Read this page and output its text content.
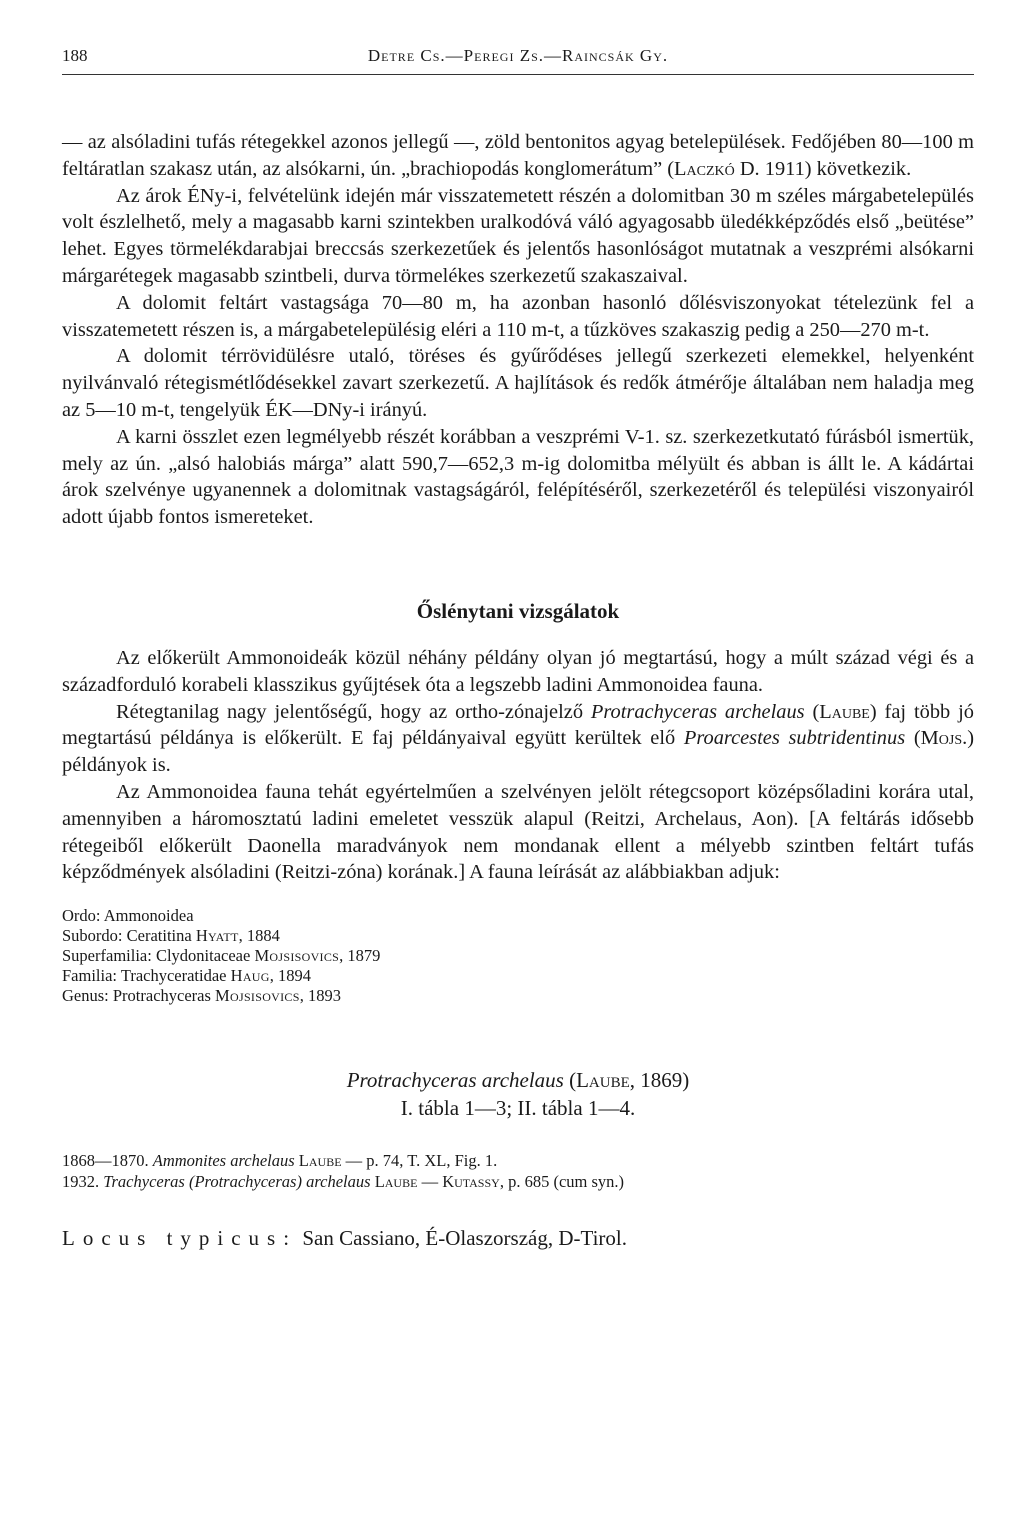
188	Detre Cs.—Peregi Zs.—Raincsák Gy.

— az alsóladini tufás rétegekkel azonos jellegű —, zöld bentonitos agyag betelepülések. Fedőjében 80—100 m feltáratlan szakasz után, az alsókarni, ún. „brachiopodás konglomerátum” (Laczkó D. 1911) következik.

Az árok ÉNy-i, felvételünk idején már visszatemetett részén a dolomitban 30 m széles márgabetelepülés volt észlelhető, mely a magasabb karni szintekben uralkodóvá váló agyagosabb üledékképződés első „beütése” lehet. Egyes törmelékdarabjai breccsás szerkezetűek és jelentős hasonlóságot mutatnak a veszprémi alsókarni márgarétegek magasabb szintbeli, durva törmelékes szerkezetű szakaszaival.

A dolomit feltárt vastagsága 70—80 m, ha azonban hasonló dőlésviszonyokat tételezünk fel a visszatemetett részen is, a márgabetelepülésig eléri a 110 m-t, a tűzköves szakaszig pedig a 250—270 m-t.

A dolomit térrövidülésre utaló, töréses és gyűrődéses jellegű szerkezeti elemekkel, helyenként nyilvánvaló rétegismétlődésekkel zavart szerkezetű. A hajlítások és redők átmérője általában nem haladja meg az 5—10 m-t, tengelyük ÉK—DNy-i irányú.

A karni összlet ezen legmélyebb részét korábban a veszprémi V-1. sz. szerkezetkutató fúrásból ismertük, mely az ún. „alsó halobiás márga” alatt 590,7—652,3 m-ig dolomitba mélyült és abban is állt le. A kádártai árok szelvénye ugyanennek a dolomitnak vastagságáról, felépítéséről, szerkezetéről és települési viszonyairól adott újabb fontos ismereteket.

Őslénytani vizsgálatok

Az előkerült Ammonoideák közül néhány példány olyan jó megtartású, hogy a múlt század végi és a századforduló korabeli klasszikus gyűjtések óta a legszebb ladini Ammonoidea fauna.

Rétegtanilag nagy jelentőségű, hogy az ortho-zónajelző Protrachyceras archelaus (Laube) faj több jó megtartású példánya is előkerült. E faj példányaival együtt kerültek elő Proarcestes subtridentinus (Mojs.) példányok is.

Az Ammonoidea fauna tehát egyértelműen a szelvényen jelölt rétegcsoport középsőladini korára utal, amennyiben a háromosztatú ladini emeletet vesszük alapul (Reitzi, Archelaus, Aon). [A feltárás idősebb rétegeiből előkerült Daonella maradványok nem mondanak ellent a mélyebb szintben feltárt tufás képződmények alsóladini (Reitzi-zóna) korának.] A fauna leírását az alábbiakban adjuk:

Ordo: Ammonoidea
Subordo: Ceratitina Hyatt, 1884
Superfamilia: Clydonitaceae Mojsisovics, 1879
Familia: Trachyceratidae Haug, 1894
Genus: Protrachyceras Mojsisovics, 1893
Protrachyceras archelaus (Laube, 1869)
I. tábla 1—3; II. tábla 1—4.
1868—1870. Ammonites archelaus Laube — p. 74, T. XL, Fig. 1.
1932. Trachyceras (Protrachyceras) archelaus Laube — Kutassy, p. 685 (cum syn.)
Locus typicus: San Cassiano, É-Olaszország, D-Tirol.
